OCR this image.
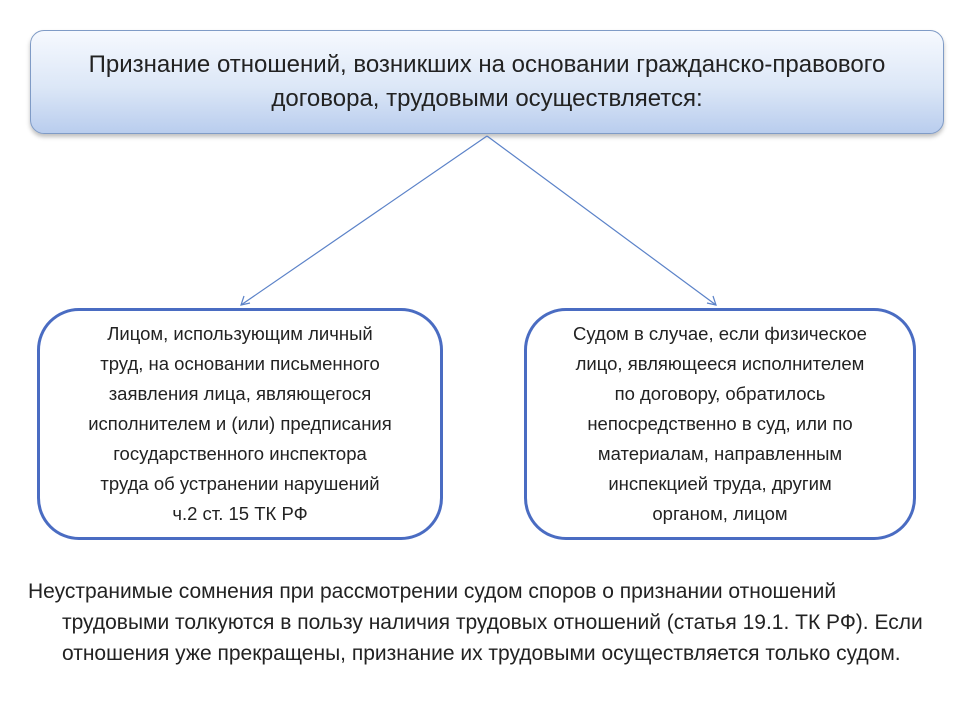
Признание отношений, возникших на основании гражданско-правового договора, трудовыми осуществляется:
Лицом, использующим личный
труд, на основании письменного
заявления лица, являющегося
исполнителем и (или) предписания
государственного инспектора
труда об устранении нарушений
ч.2 ст. 15 ТК РФ
Судом в случае, если физическое
лицо, являющееся исполнителем
по договору, обратилось
непосредственно в суд, или по
материалам, направленным
инспекцией труда, другим
органом, лицом
Неустранимые сомнения при рассмотрении судом споров о признании отношений трудовыми толкуются в пользу наличия трудовых отношений (статья 19.1. ТК РФ). Если отношения уже прекращены, признание их трудовыми осуществляется только судом.
